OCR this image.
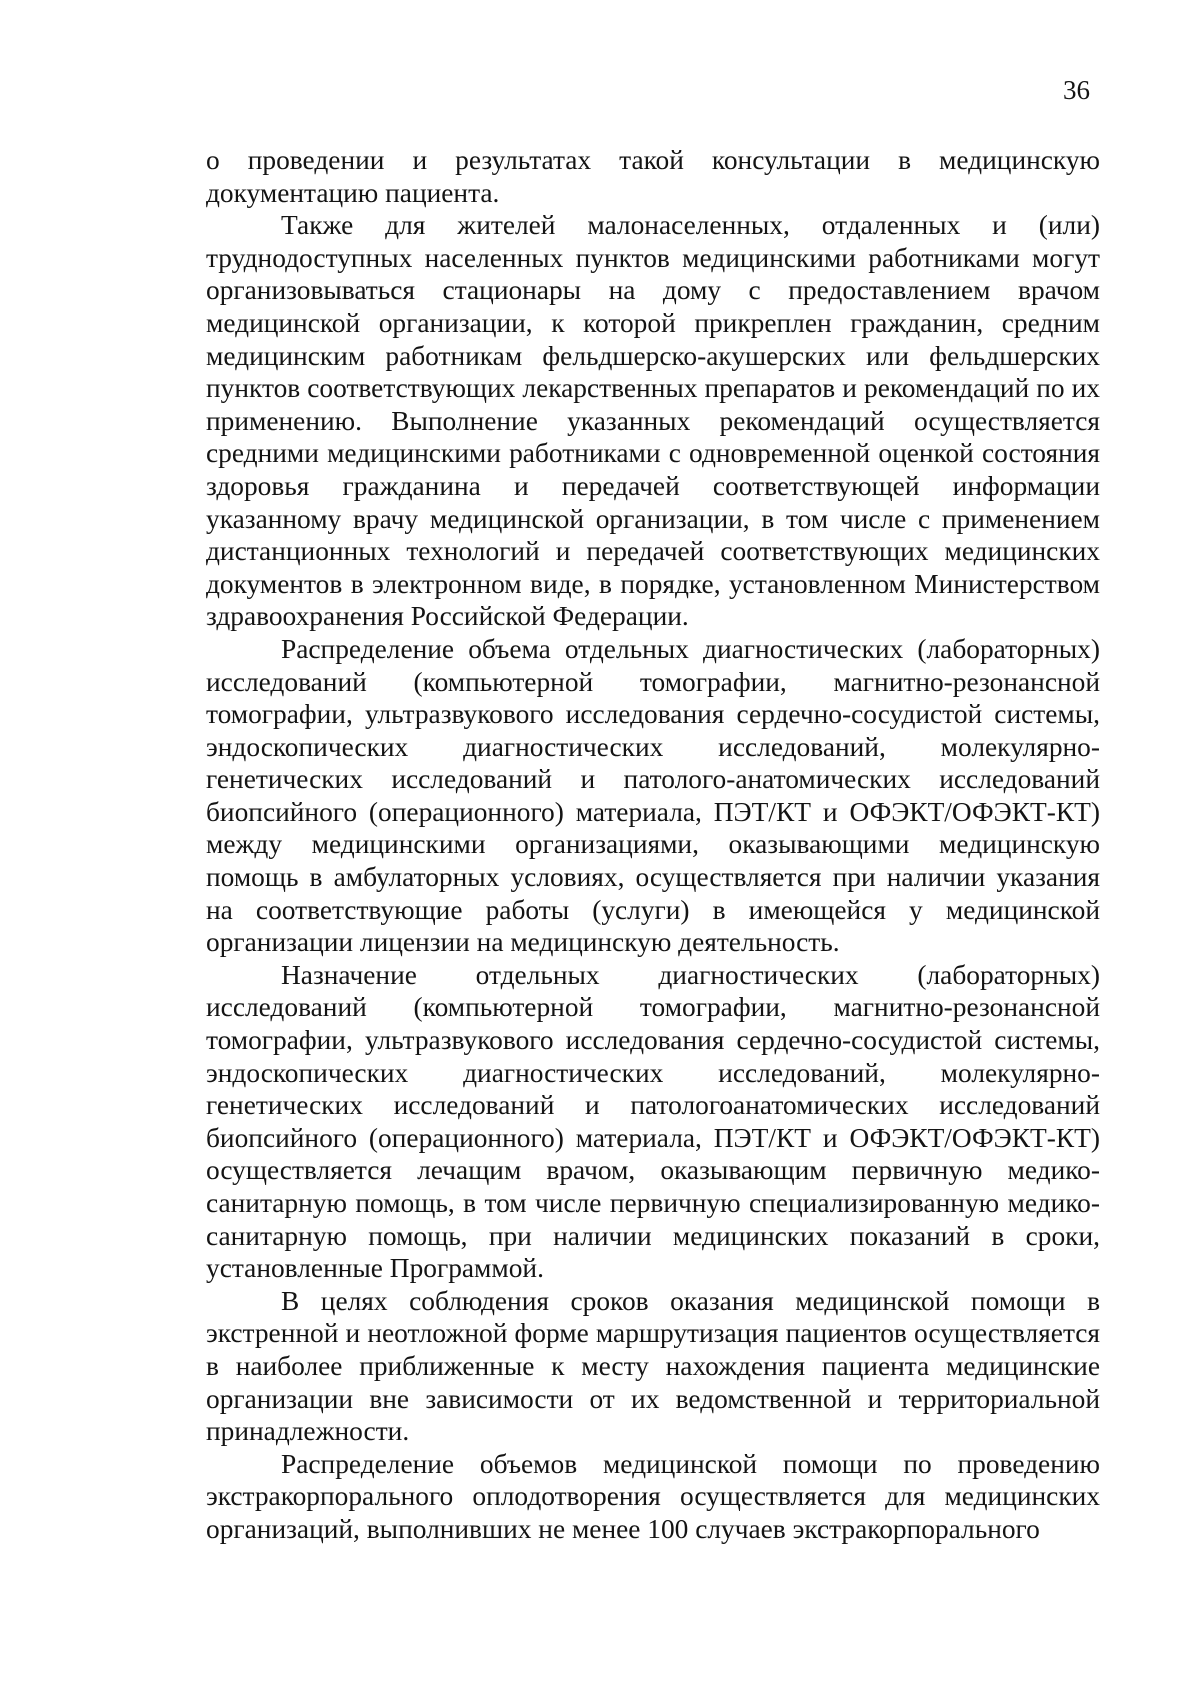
36

о проведении и результатах такой консультации в медицинскую документацию пациента.

Также для жителей малонаселенных, отдаленных и (или) труднодоступных населенных пунктов медицинскими работниками могут организовываться стационары на дому с предоставлением врачом медицинской организации, к которой прикреплен гражданин, средним медицинским работникам фельдшерско-акушерских или фельдшерских пунктов соответствующих лекарственных препаратов и рекомендаций по их применению. Выполнение указанных рекомендаций осуществляется средними медицинскими работниками с одновременной оценкой состояния здоровья гражданина и передачей соответствующей информации указанному врачу медицинской организации, в том числе с применением дистанционных технологий и передачей соответствующих медицинских документов в электронном виде, в порядке, установленном Министерством здравоохранения Российской Федерации.

Распределение объема отдельных диагностических (лабораторных) исследований (компьютерной томографии, магнитно-резонансной томографии, ультразвукового исследования сердечно-сосудистой системы, эндоскопических диагностических исследований, молекулярно-генетических исследований и патолого-анатомических исследований биопсийного (операционного) материала, ПЭТ/КТ и ОФЭКТ/ОФЭКТ-КТ) между медицинскими организациями, оказывающими медицинскую помощь в амбулаторных условиях, осуществляется при наличии указания на соответствующие работы (услуги) в имеющейся у медицинской организации лицензии на медицинскую деятельность.

Назначение отдельных диагностических (лабораторных) исследований (компьютерной томографии, магнитно-резонансной томографии, ультразвукового исследования сердечно-сосудистой системы, эндоскопических диагностических исследований, молекулярно-генетических исследований и патологоанатомических исследований биопсийного (операционного) материала, ПЭТ/КТ и ОФЭКТ/ОФЭКТ-КТ) осуществляется лечащим врачом, оказывающим первичную медико-санитарную помощь, в том числе первичную специализированную медико-санитарную помощь, при наличии медицинских показаний в сроки, установленные Программой.

В целях соблюдения сроков оказания медицинской помощи в экстренной и неотложной форме маршрутизация пациентов осуществляется в наиболее приближенные к месту нахождения пациента медицинские организации вне зависимости от их ведомственной и территориальной принадлежности.

Распределение объемов медицинской помощи по проведению экстракорпорального оплодотворения осуществляется для медицинских организаций, выполнивших не менее 100 случаев экстракорпорального
